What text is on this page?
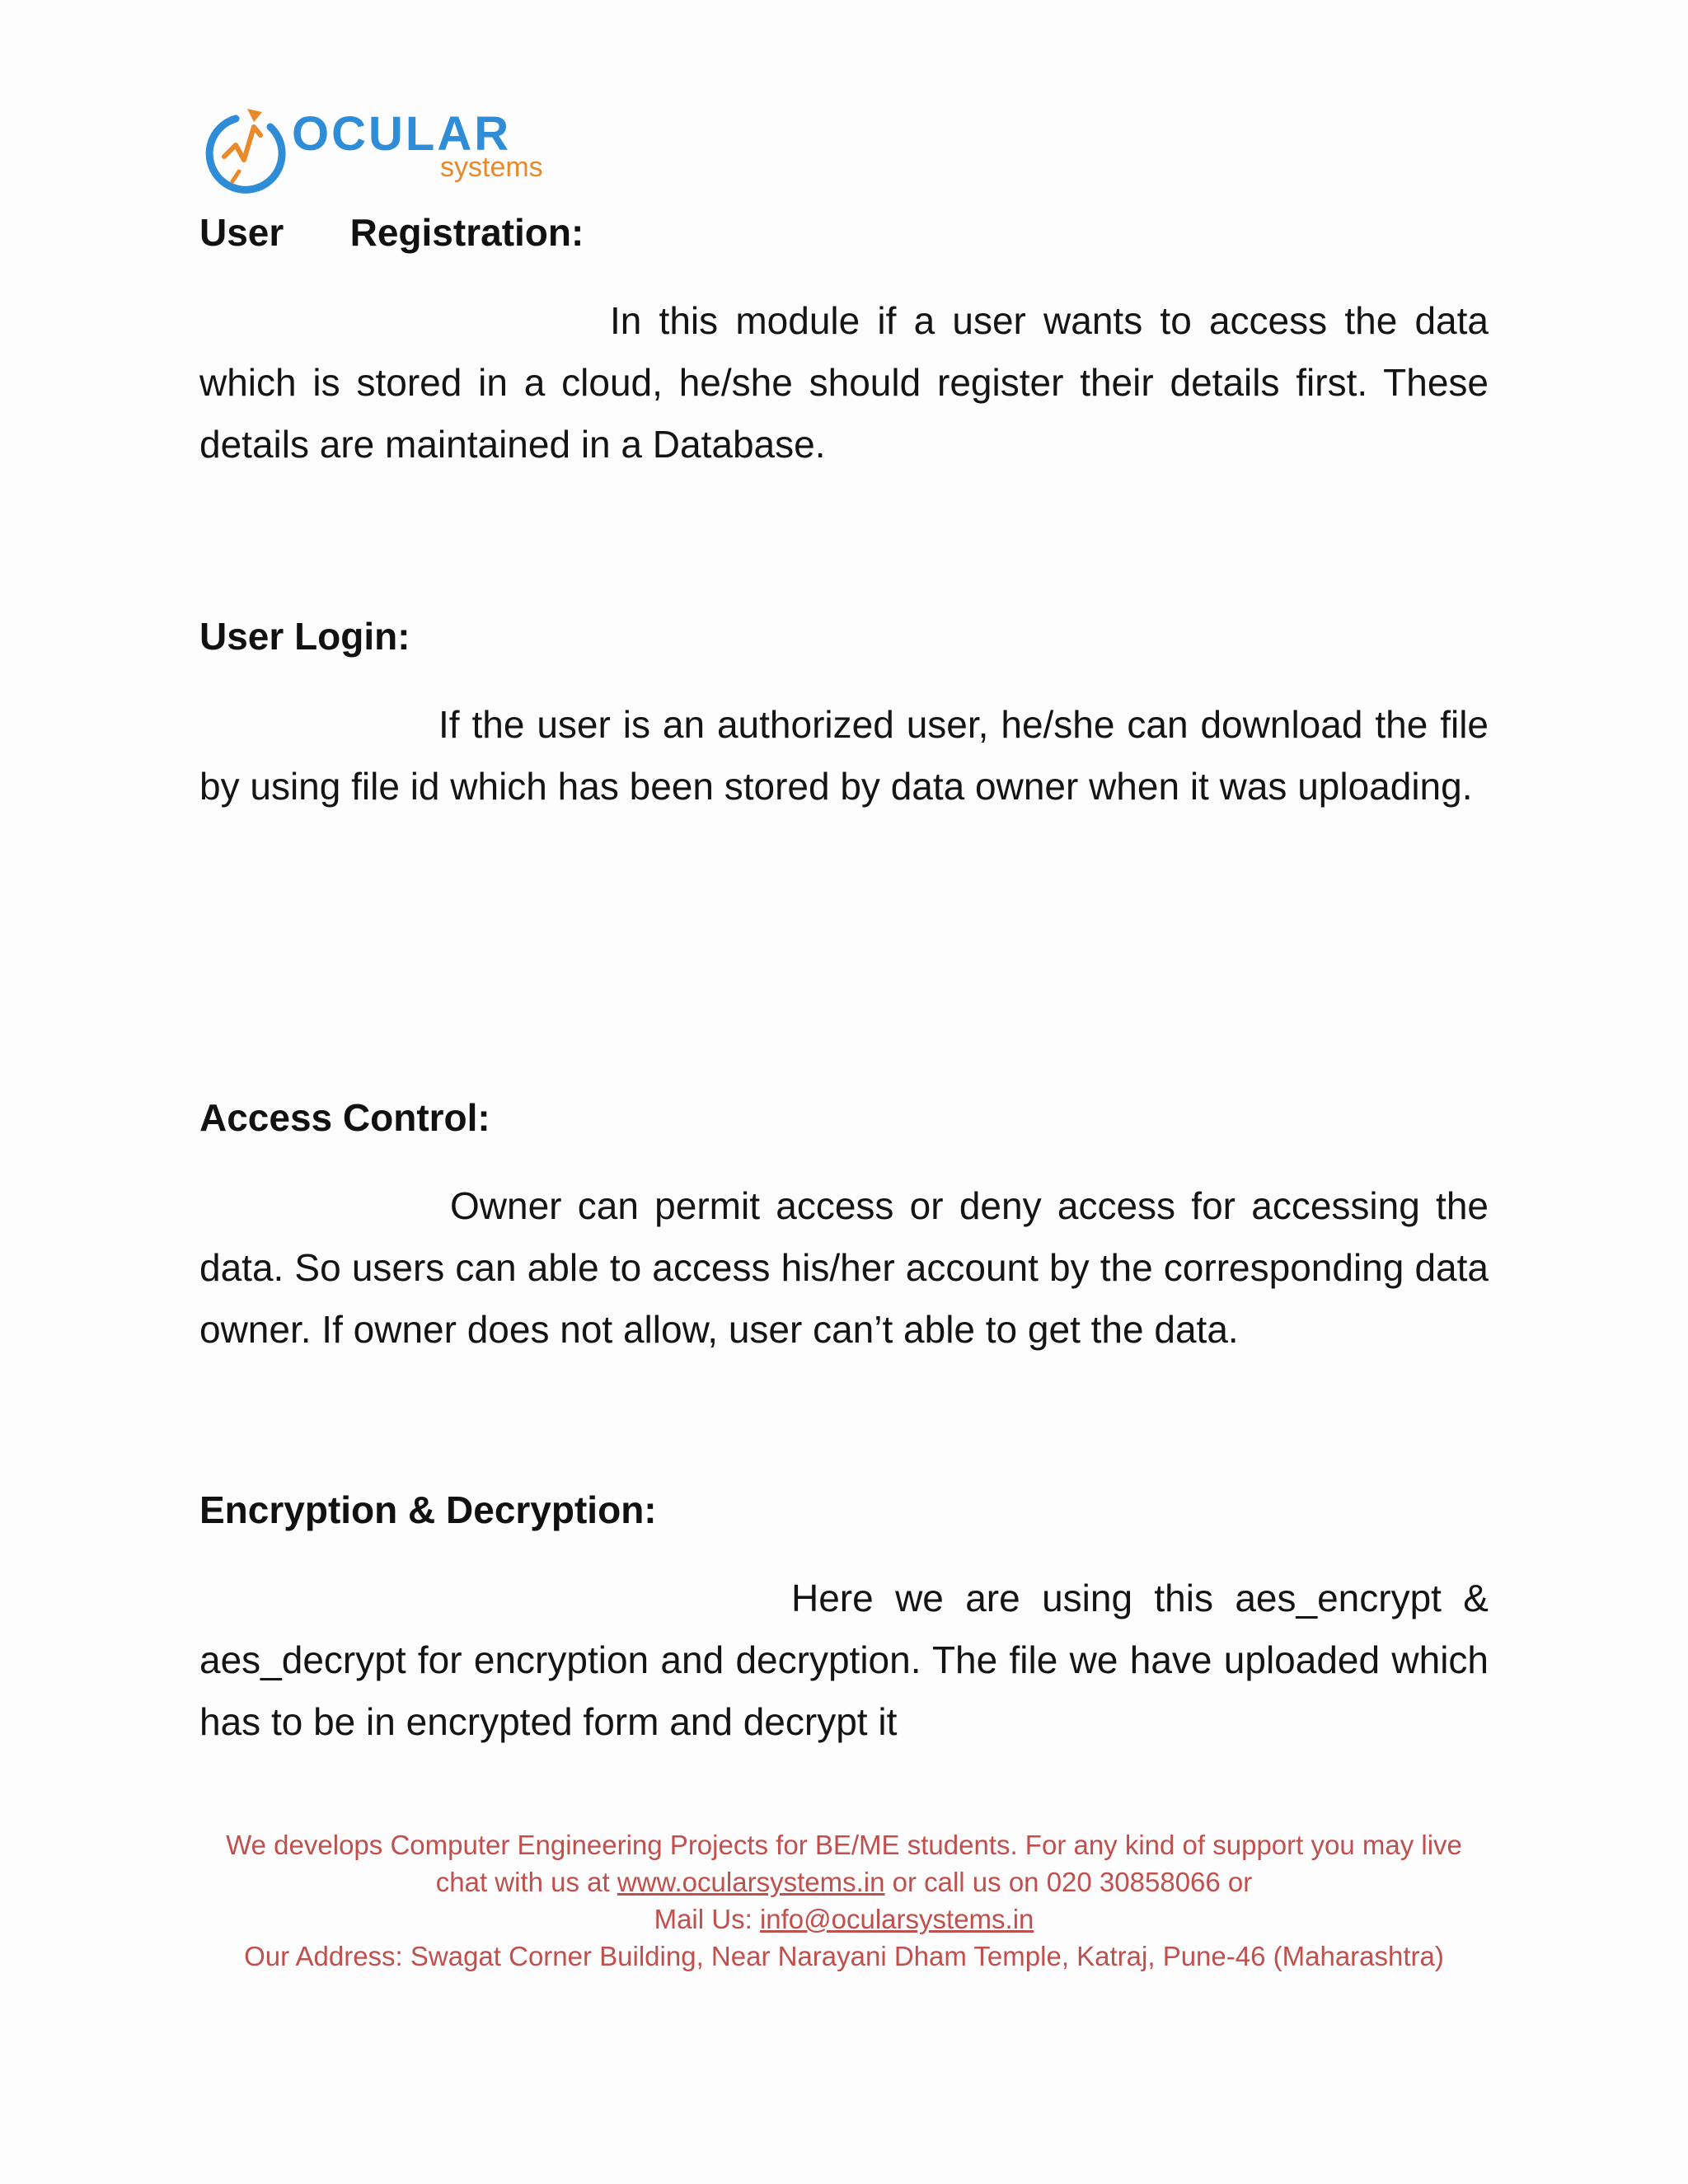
OCULAR
systems
User   Registration:

In this module if a user wants to access the data which is stored in a cloud, he/she should register their details first. These details are maintained in a Database.

User Login:

If the user is an authorized user, he/she can download the file by using file id which has been stored by data owner when it was uploading.

Access Control:

Owner can permit access or deny access for accessing the data. So users can able to access his/her account by the corresponding data owner. If owner does not allow, user can’t able to get the data.

Encryption & Decryption:

Here we are using this aes_encrypt & aes_decrypt for encryption and decryption. The file we have uploaded which has to be in encrypted form and decrypt it

We develops Computer Engineering Projects for BE/ME students. For any kind of support you may live
chat with us at www.ocularsystems.in or call us on 020 30858066 or
Mail Us: info@ocularsystems.in
Our Address: Swagat Corner Building, Near Narayani Dham Temple, Katraj, Pune-46 (Maharashtra)
